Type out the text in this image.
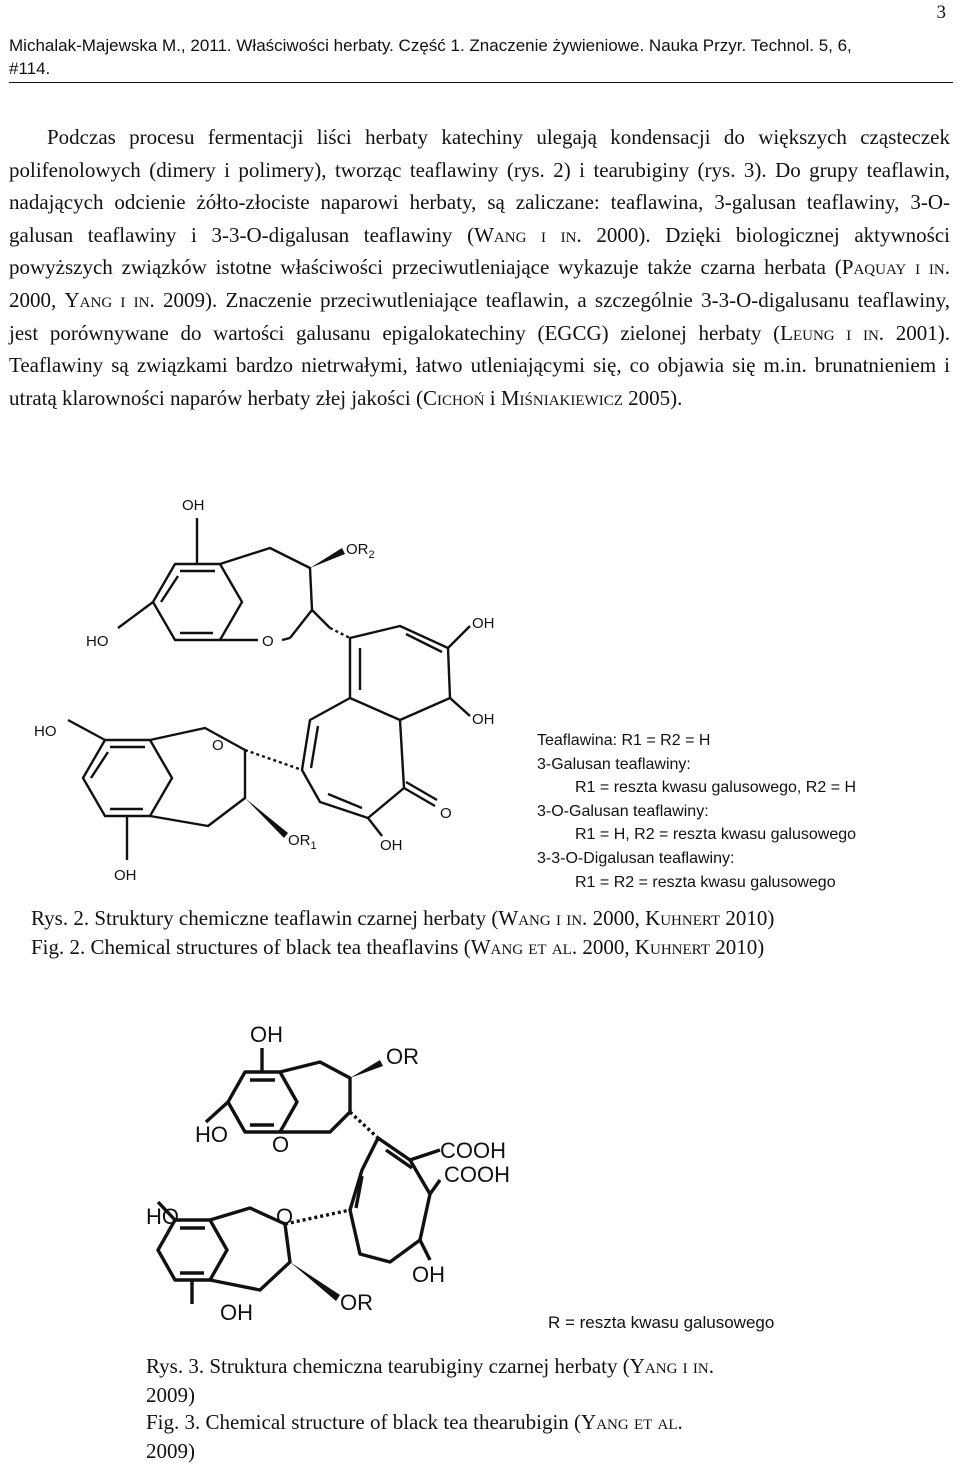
3
Michalak-Majewska M., 2011. Właściwości herbaty. Część 1. Znaczenie żywieniowe. Nauka Przyr. Technol. 5, 6,
#114.
Podczas procesu fermentacji liści herbaty katechiny ulegają kondensacji do większych cząsteczek polifenolowych (dimery i polimery), tworząc teaflawiny (rys. 2) i tearubiginy (rys. 3). Do grupy teaflawin, nadających odcienie żółto-złociste naparowi herbaty, są zaliczane: teaflawina, 3-galusan teaflawiny, 3-O-galusan teaflawiny i 3-3-O-digalusan teaflawiny (Wang i in. 2000). Dzięki biologicznej aktywności powyższych związków istotne właściwości przeciwutleniające wykazuje także czarna herbata (Paquay i in. 2000, Yang i in. 2009). Znaczenie przeciwutleniające teaflawin, a szczególnie 3-3-O-digalusanu teaflawiny, jest porównywane do wartości galusanu epigalokatechiny (EGCG) zielonej herbaty (Leung i in. 2001). Teaflawiny są związkami bardzo nietrwałymi, łatwo utleniającymi się, co objawia się m.in. brunatnieniem i utratą klarowności naparów herbaty złej jakości (Cichoń i Miśniakiewicz 2005).
OH
$OR_2$
HO	O
OH
OH
HO
O
O
$OR_1$	OH
OH
Teaflawina: R1 = R2 = H
3-Galusan teaflawiny:
R1 = reszta kwasu galusowego, R2 = H
3-O-Galusan teaflawiny:
R1 = H, R2 = reszta kwasu galusowego
3-3-O-Digalusan teaflawiny:
R1 = R2 = reszta kwasu galusowego
Rys. 2. Struktury chemiczne teaflawin czarnej herbaty (Wang i in. 2000, Kuhnert 2010)
Fig. 2. Chemical structures of black tea theaflavins (Wang et al. 2000, Kuhnert 2010)
OH
OR
HO O	COOH
COOH
HO	O
OH
OH	OR
R = reszta kwasu galusowego
Rys. 3. Struktura chemiczna tearubiginy czarnej herbaty (Yang i in.
2009)
Fig. 3. Chemical structure of black tea thearubigin (Yang et al.
2009)
